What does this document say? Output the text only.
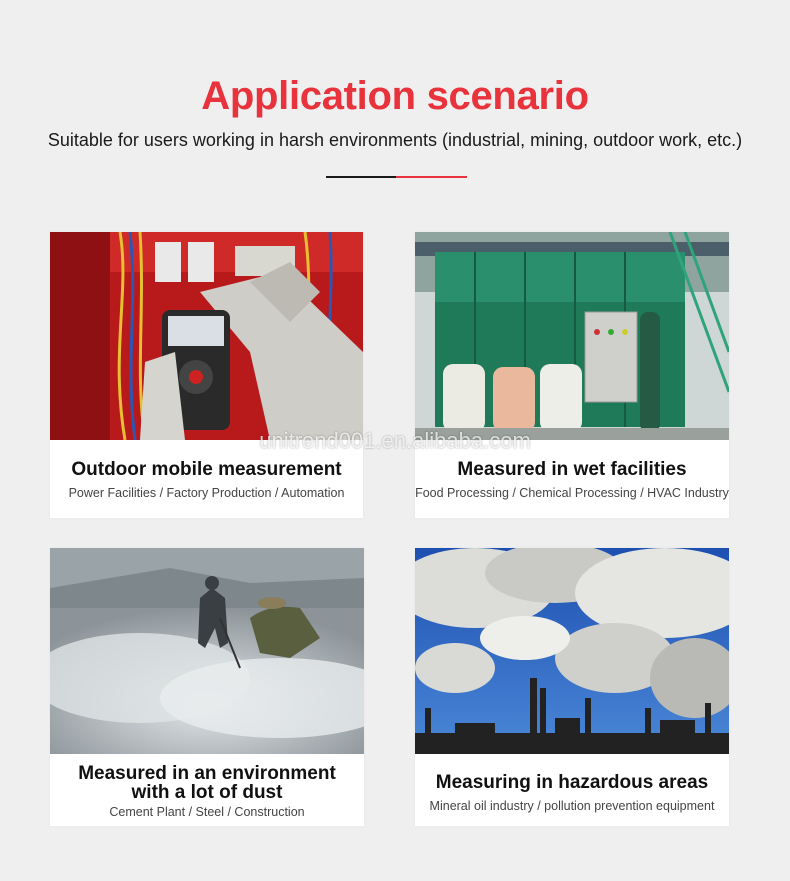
Application scenario
Suitable for users working in harsh environments (industrial, mining, outdoor work, etc.)
Outdoor mobile measurement
Power Facilities / Factory Production / Automation
Measured in wet facilities
Food Processing / Chemical Processing / HVAC Industry
Measured in an environment
with a lot of dust
Cement Plant / Steel / Construction
Measuring in hazardous areas
Mineral oil industry / pollution prevention equipment
unitrend001.en.alibaba.com
